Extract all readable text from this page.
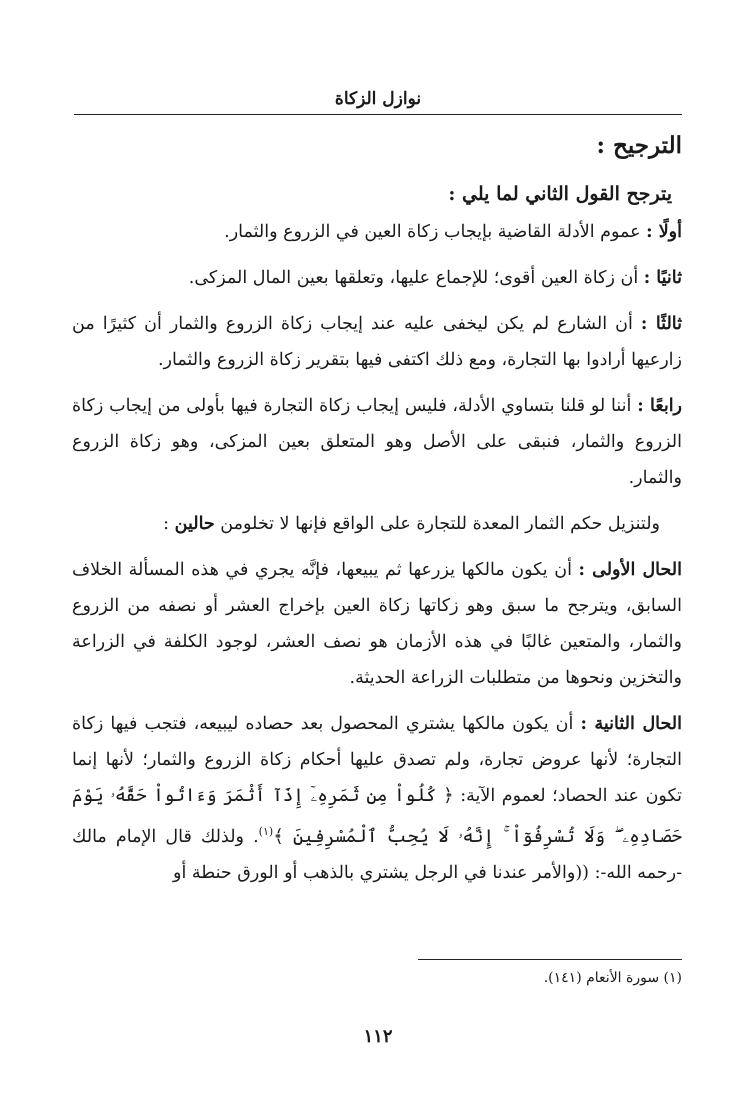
نوازل الزكاة
الترجيح :
يترجح القول الثاني لما يلي :

أولًا : عموم الأدلة القاضية بإيجاب زكاة العين في الزروع والثمار.

ثانيًا : أن زكاة العين أقوى؛ للإجماع عليها، وتعلقها بعين المال المزكى.

ثالثًا : أن الشارع لم يكن ليخفى عليه عند إيجاب زكاة الزروع والثمار أن كثيرًا من زارعيها أرادوا بها التجارة، ومع ذلك اكتفى فيها بتقرير زكاة الزروع والثمار.

رابعًا : أننا لو قلنا بتساوي الأدلة، فليس إيجاب زكاة التجارة فيها بأولى من إيجاب زكاة الزروع والثمار، فنبقى على الأصل وهو المتعلق بعين المزكى، وهو زكاة الزروع والثمار.

ولتنزيل حكم الثمار المعدة للتجارة على الواقع فإنها لا تخلومن حالين :

الحال الأولى : أن يكون مالكها يزرعها ثم يبيعها، فإنَّه يجري في هذه المسألة الخلاف السابق، ويترجح ما سبق وهو زكاتها زكاة العين بإخراج العشر أو نصفه من الزروع والثمار، والمتعين غالبًا في هذه الأزمان هو نصف العشر، لوجود الكلفة في الزراعة والتخزين ونحوها من متطلبات الزراعة الحديثة.

الحال الثانية : أن يكون مالكها يشتري المحصول بعد حصاده ليبيعه، فتجب فيها زكاة التجارة؛ لأنها عروض تجارة، ولم تصدق عليها أحكام زكاة الزروع والثمار؛ لأنها إنما تكون عند الحصاد؛ لعموم الآية: ﴿ كُلُواْ مِن ثَمَرِهِۦٓ إِذَآ أَثْمَرَ وَءَاتُواْ حَقَّهُۥ يَوْمَ حَصَادِهِۦ ۖ وَلَا تُسْرِفُوٓاْ ۚ إِنَّهُۥ لَا يُحِبُّ ٱلْمُسْرِفِينَ ﴾$^{(١)}$. ولذلك قال الإمام مالك -رحمه الله-: ((والأمر عندنا في الرجل يشتري بالذهب أو الورق حنطة أو

(١) سورة الأنعام (١٤١).
١١٢
